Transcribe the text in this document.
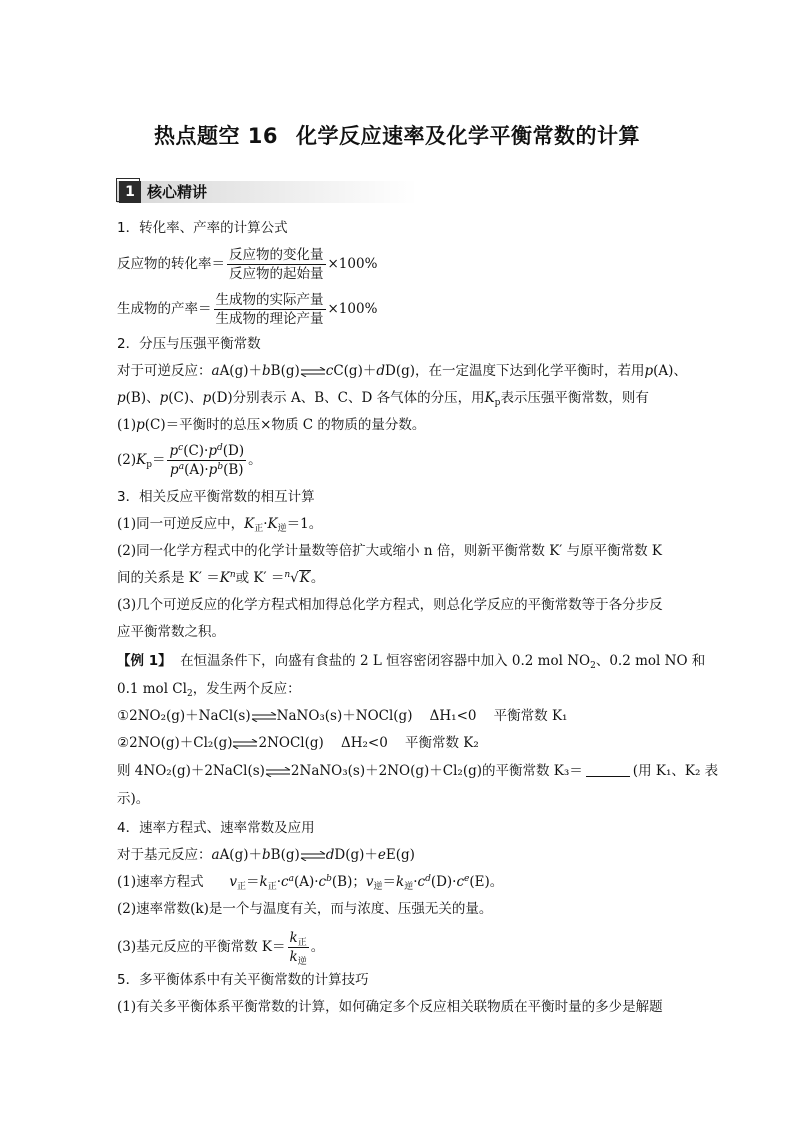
热点题空 16 化学反应速率及化学平衡常数的计算
1 核心精讲
1．转化率、产率的计算公式
反应物的转化率＝ $\frac{\text{反应物的变化量}}{\text{反应物的起始量}} \times 100\%$
生成物的产率＝ $\frac{\text{生成物的实际产量}}{\text{生成物的理论产量}} \times 100\%$
2．分压与压强平衡常数
对于可逆反应：aA(g)＋bB(g)⇌cC(g)＋dD(g)，在一定温度下达到化学平衡时，若用p(A)、
p(B)、p(C)、p(D)分别表示 A、B、C、D 各气体的分压，用$K_p$表示压强平衡常数，则有
(1)p(C)＝平衡时的总压×物质 C 的物质的量分数。
$(2)K_p= \frac{p^c(C)\cdot p^d(D)}{p^a(A)\cdot p^b(B)}$ 。
3．相关反应平衡常数的相互计算
(1)同一可逆反应中，$K_正\cdot K_逆=1$。
(2)同一化学方程式中的化学计量数等倍扩大或缩小 n 倍，则新平衡常数 K′ 与原平衡常数 K
间的关系是 $K' =K^n$或 K′ ＝$^n$√K。
(3)几个可逆反应的化学方程式相加得总化学方程式，则总化学反应的平衡常数等于各分步反
应平衡常数之积。
【例 1】 在恒温条件下，向盛有食盐的 2 L 恒容密闭容器中加入 0.2 mol $NO_2$、0.2 mol NO 和
0.1 mol $Cl_2$，发生两个反应：
①2NO₂(g)＋NaCl(s)⇌NaNO₃(s)＋NOCl(g) ΔH₁<0 平衡常数 K₁
②2NO(g)＋Cl₂(g)⇌2NOCl(g) ΔH₂<0 平衡常数 K₂
则 4NO₂(g)＋2NaCl(s)⇌2NaNO₃(s)＋2NO(g)＋Cl₂(g)的平衡常数 K₃＝	(用 K₁、K₂ 表
示)。
4．速率方程式、速率常数及应用
对于基元反应：aA(g)＋bB(g)⇌dD(g)＋eE(g)
(1)速率方程式 $v_正=k_正\cdot c^a(A)\cdot c^b(B)$；$v_逆=k_逆\cdot c^d(D)\cdot c^e(E)$。
(2)速率常数(k)是一个与温度有关，而与浓度、压强无关的量。
(3)基元反应的平衡常数 $K= \frac{k_正}{k_逆}$ 。
5．多平衡体系中有关平衡常数的计算技巧
(1)有关多平衡体系平衡常数的计算，如何确定多个反应相关联物质在平衡时量的多少是解题
